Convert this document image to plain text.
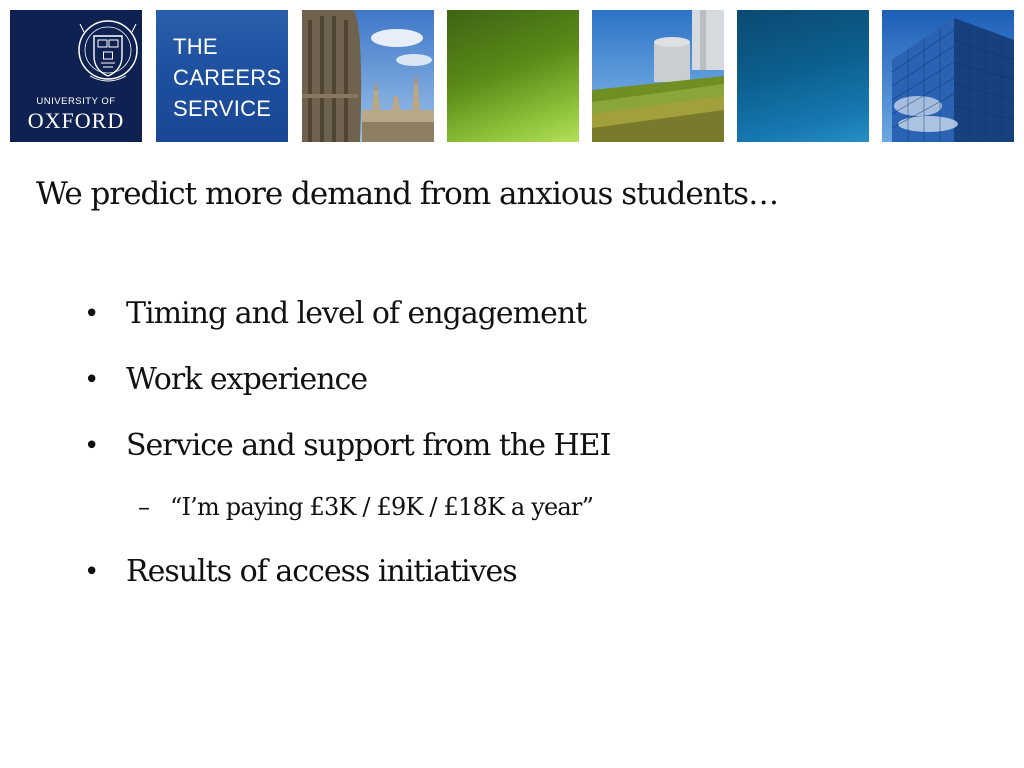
UNIVERSITY OF
OXFORD
THE
CAREERS
SERVICE
We predict more demand from anxious students…
• Timing and level of engagement
• Work experience
• Service and support from the HEI
– “I’m paying £3K / £9K / £18K a year”
• Results of access initiatives
